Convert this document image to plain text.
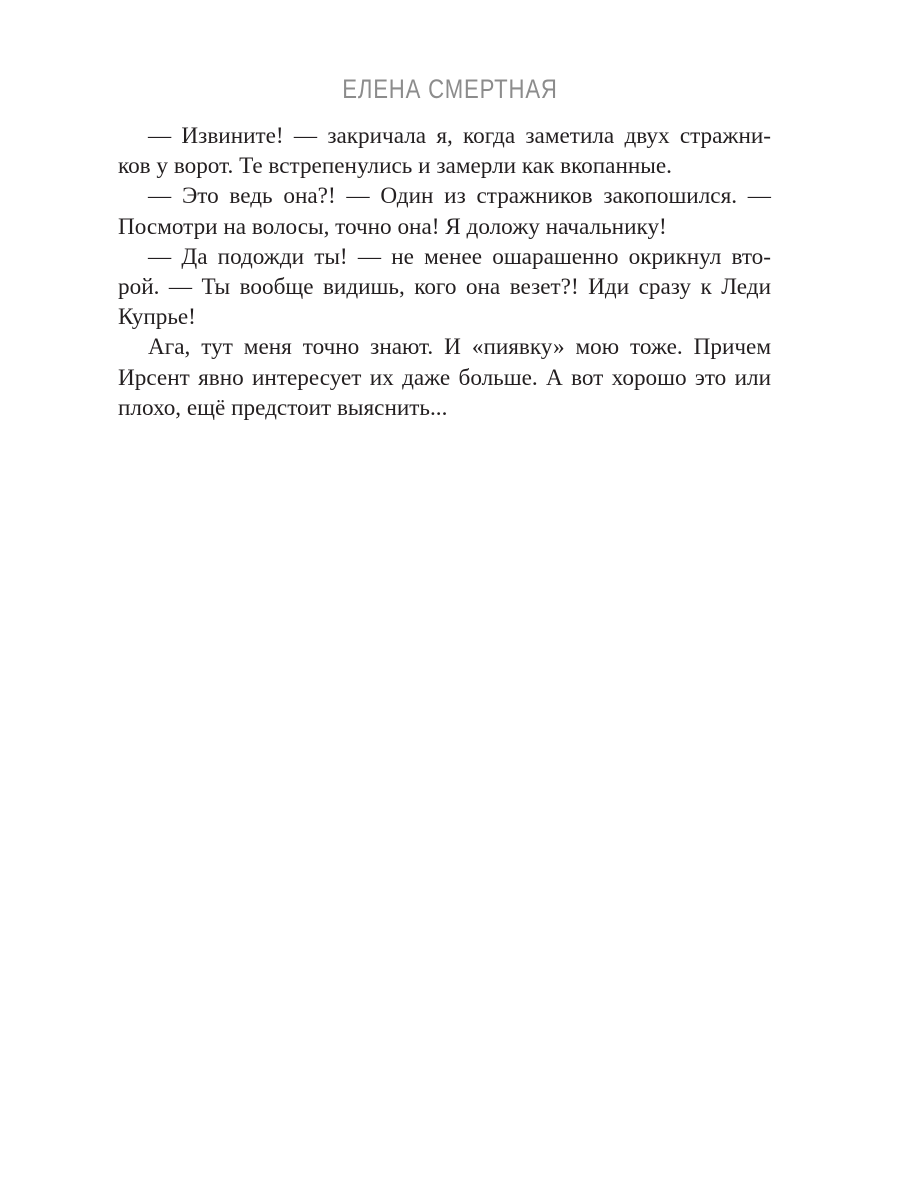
ЕЛЕНА СМЕРТНАЯ
— Извините! — закричала я, когда заметила двух стражни-
ков у ворот. Те встрепенулись и замерли как вкопанные.
— Это ведь она?! — Один из стражников закопошился. —
Посмотри на волосы, точно она! Я доложу начальнику!
— Да подожди ты! — не менее ошарашенно окрикнул вто-
рой. — Ты вообще видишь, кого она везет?! Иди сразу к Леди
Купрье!
Ага, тут меня точно знают. И «пиявку» мою тоже. Причем
Ирсент явно интересует их даже больше. А вот хорошо это или
плохо, ещё предстоит выяснить...
